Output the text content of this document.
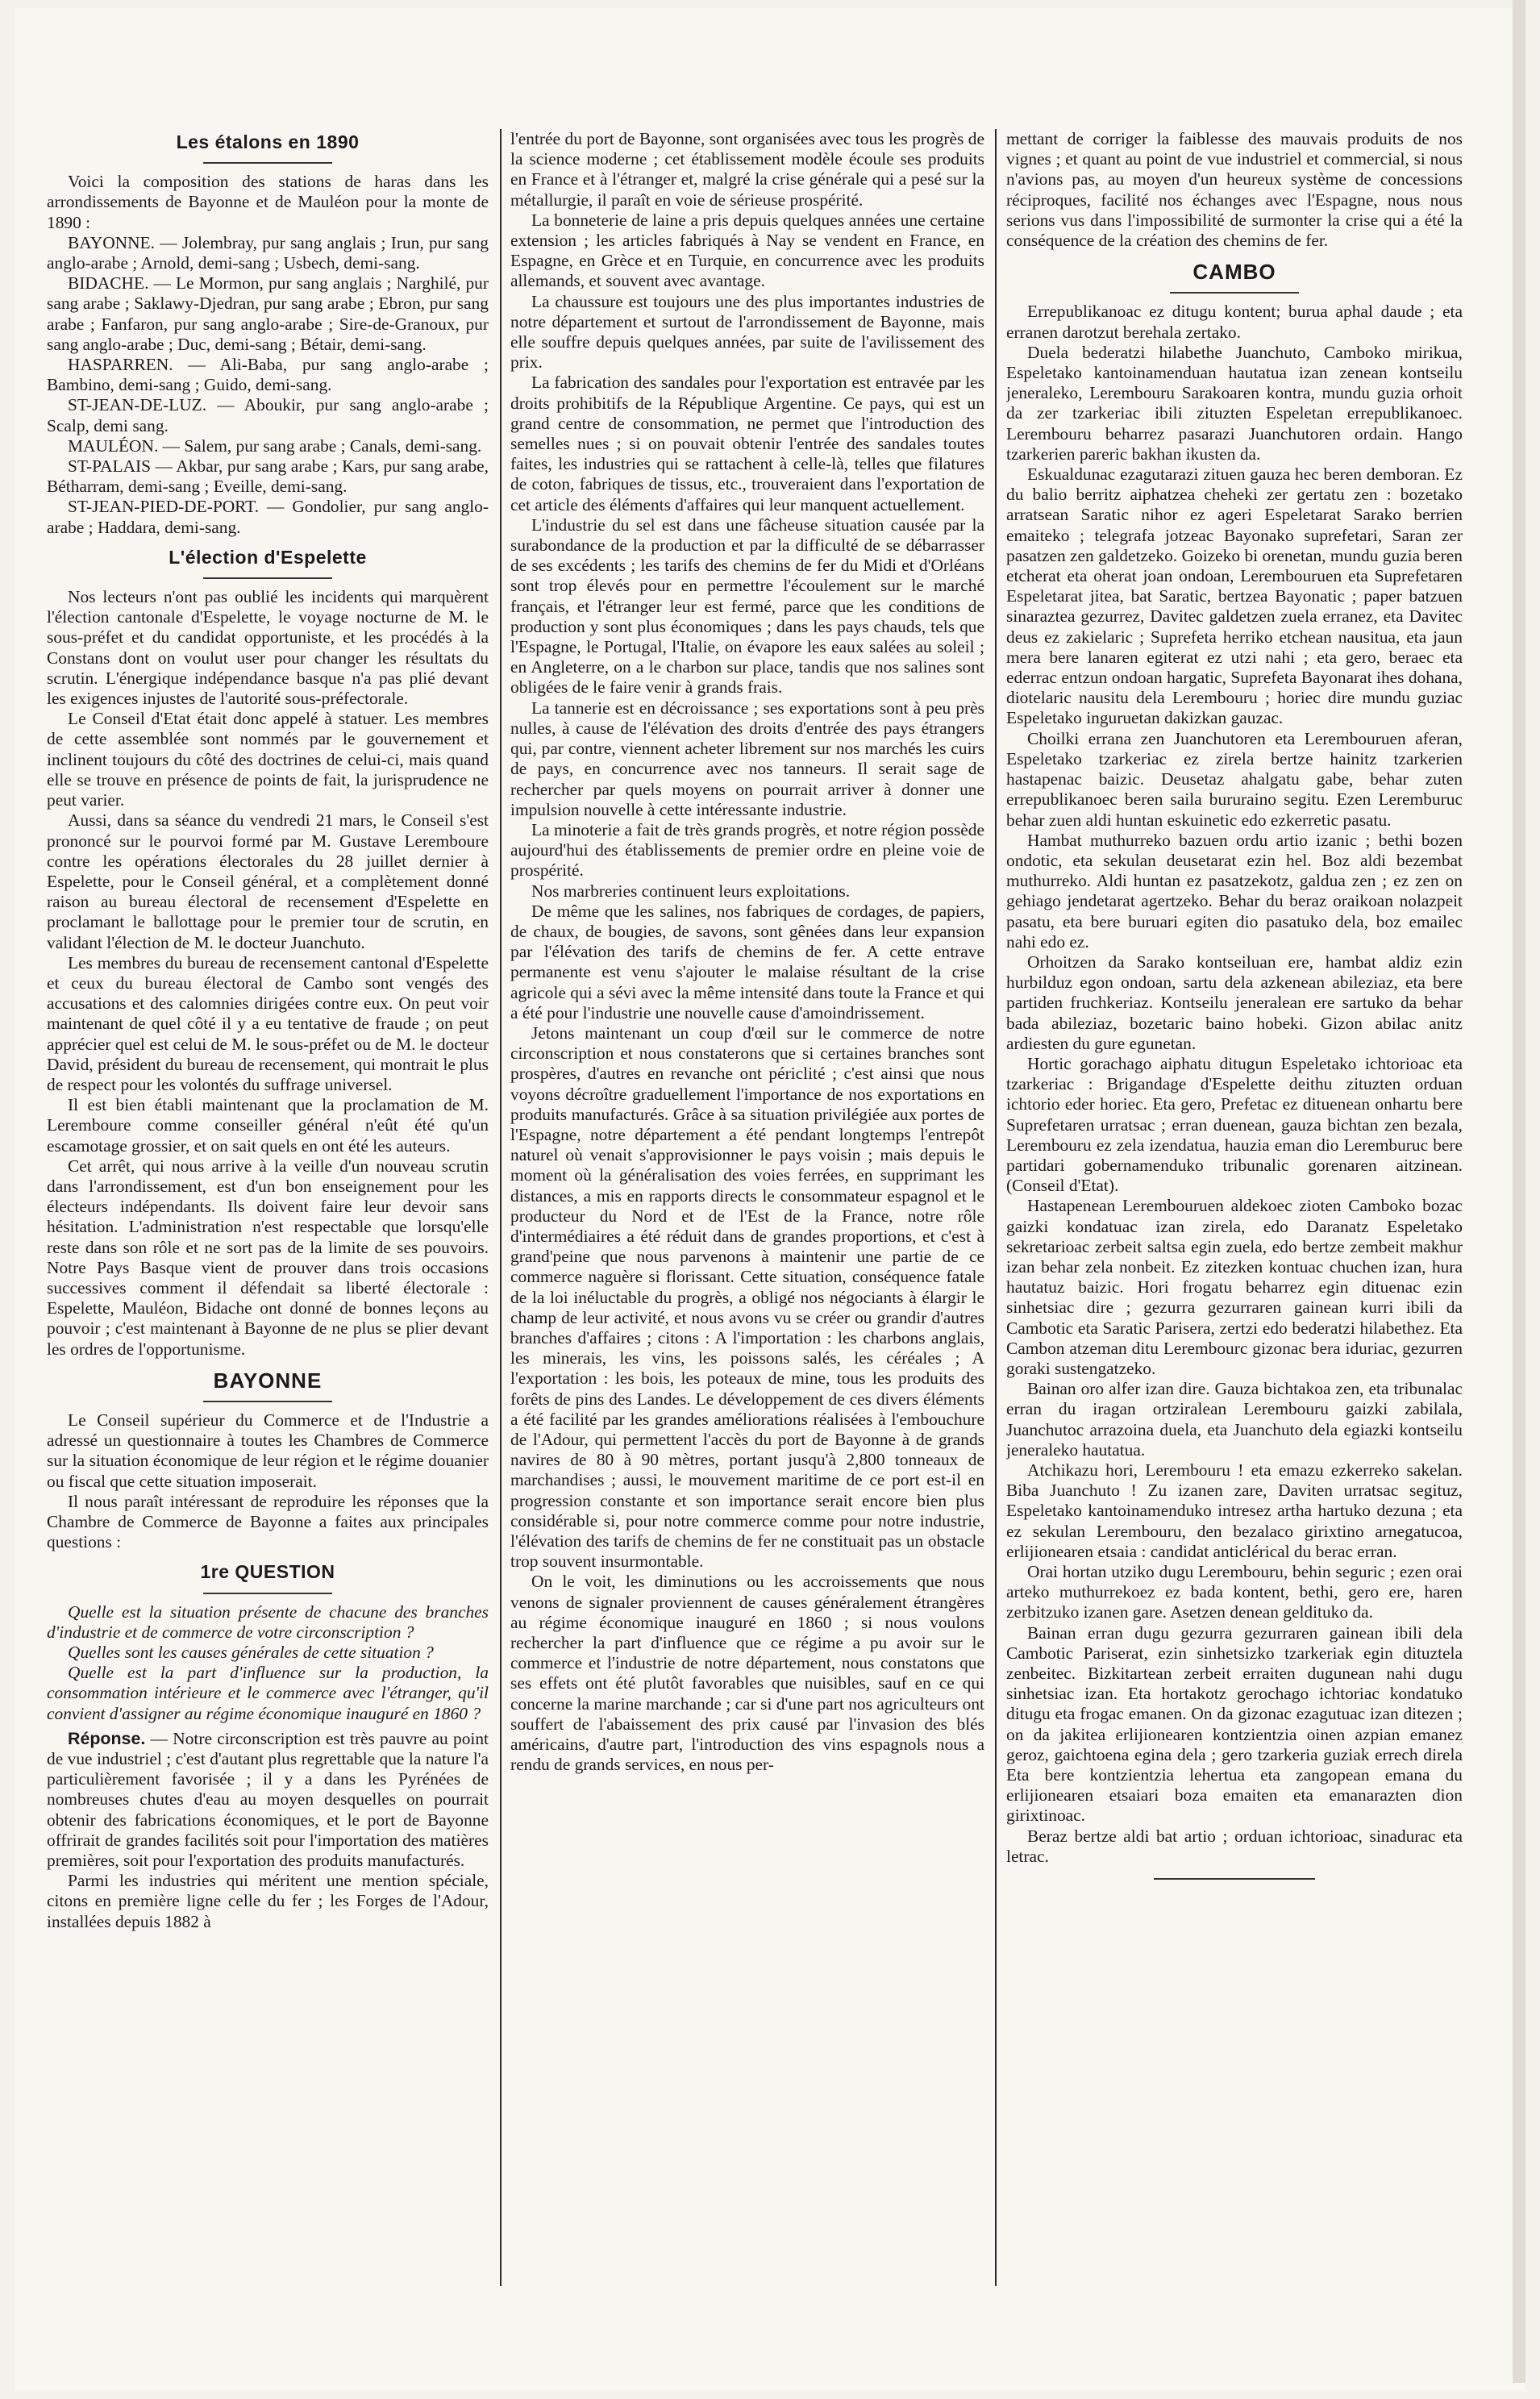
Les étalons en 1890

Voici la composition des stations de haras dans les arrondissements de Bayonne et de Mauléon pour la monte de 1890 :

BAYONNE. — Jolembray, pur sang anglais ; Irun, pur sang anglo-arabe ; Arnold, demi-sang ; Usbech, demi-sang.

BIDACHE. — Le Mormon, pur sang anglais ; Narghilé, pur sang arabe ; Saklawy-Djedran, pur sang arabe ; Ebron, pur sang arabe ; Fanfaron, pur sang anglo-arabe ; Sire-de-Granoux, pur sang anglo-arabe ; Duc, demi-sang ; Bétair, demi-sang.

HASPARREN. — Ali-Baba, pur sang anglo-arabe ; Bambino, demi-sang ; Guido, demi-sang.

ST-JEAN-DE-LUZ. — Aboukir, pur sang anglo-arabe ; Scalp, demi sang.

MAULÉON. — Salem, pur sang arabe ; Canals, demi-sang.

ST-PALAIS — Akbar, pur sang arabe ; Kars, pur sang arabe, Bétharram, demi-sang ; Eveille, demi-sang.

ST-JEAN-PIED-DE-PORT. — Gondolier, pur sang anglo-arabe ; Haddara, demi-sang.

L'élection d'Espelette

Nos lecteurs n'ont pas oublié les incidents qui marquèrent l'élection cantonale d'Espelette, le voyage nocturne de M. le sous-préfet et du candidat opportuniste, et les procédés à la Constans dont on voulut user pour changer les résultats du scrutin. L'énergique indépendance basque n'a pas plié devant les exigences injustes de l'autorité sous-préfectorale.

Le Conseil d'Etat était donc appelé à statuer. Les membres de cette assemblée sont nommés par le gouvernement et inclinent toujours du côté des doctrines de celui-ci, mais quand elle se trouve en présence de points de fait, la jurisprudence ne peut varier.

Aussi, dans sa séance du vendredi 21 mars, le Conseil s'est prononcé sur le pourvoi formé par M. Gustave Lerembourе contre les opérations électorales du 28 juillet dernier à Espelette, pour le Conseil général, et a complètement donné raison au bureau électoral de recensement d'Espelette en proclamant le ballottage pour le premier tour de scrutin, en validant l'élection de M. le docteur Juanchuto.

Les membres du bureau de recensement cantonal d'Espelette et ceux du bureau électoral de Cambo sont vengés des accusations et des calomnies dirigées contre eux. On peut voir maintenant de quel côté il y a eu tentative de fraude ; on peut apprécier quel est celui de M. le sous-préfet ou de M. le docteur David, président du bureau de recensement, qui montrait le plus de respect pour les volontés du suffrage universel.

Il est bien établi maintenant que la proclamation de M. Lerembourе comme conseiller général n'eût été qu'un escamotage grossier, et on sait quels en ont été les auteurs.

Cet arrêt, qui nous arrive à la veille d'un nouveau scrutin dans l'arrondissement, est d'un bon enseignement pour les électeurs indépendants. Ils doivent faire leur devoir sans hésitation. L'administration n'est respectable que lorsqu'elle reste dans son rôle et ne sort pas de la limite de ses pouvoirs. Notre Pays Basque vient de prouver dans trois occasions successives comment il défendait sa liberté électorale : Espelette, Mauléon, Bidache ont donné de bonnes leçons au pouvoir ; c'est maintenant à Bayonne de ne plus se plier devant les ordres de l'opportunisme.

BAYONNE

Le Conseil supérieur du Commerce et de l'Industrie a adressé un questionnaire à toutes les Chambres de Commerce sur la situation économique de leur région et le régime douanier ou fiscal que cette situation imposerait.

Il nous paraît intéressant de reproduire les réponses que la Chambre de Commerce de Bayonne a faites aux principales questions :

1re QUESTION

Quelle est la situation présente de chacune des branches d'industrie et de commerce de votre circonscription ?

Quelles sont les causes générales de cette situation ?

Quelle est la part d'influence sur la production, la consommation intérieure et le commerce avec l'étranger, qu'il convient d'assigner au régime économique inauguré en 1860 ?

Réponse. — Notre circonscription est très pauvre au point de vue industriel ; c'est d'autant plus regrettable que la nature l'a particulièrement favorisée ; il y a dans les Pyrénées de nombreuses chutes d'eau au moyen desquelles on pourrait obtenir des fabrications économiques, et le port de Bayonne offrirait de grandes facilités soit pour l'importation des matières premières, soit pour l'exportation des produits manufacturés.

Parmi les industries qui méritent une mention spéciale, citons en première ligne celle du fer ; les Forges de l'Adour, installées depuis 1882 à

l'entrée du port de Bayonne, sont organisées avec tous les progrès de la science moderne ; cet établissement modèle écoule ses produits en France et à l'étranger et, malgré la crise générale qui a pesé sur la métallurgie, il paraît en voie de sérieuse prospérité.

La bonneterie de laine a pris depuis quelques années une certaine extension ; les articles fabriqués à Nay se vendent en France, en Espagne, en Grèce et en Turquie, en concurrence avec les produits allemands, et souvent avec avantage.

La chaussure est toujours une des plus importantes industries de notre département et surtout de l'arrondissement de Bayonne, mais elle souffre depuis quelques années, par suite de l'avilissement des prix.

La fabrication des sandales pour l'exportation est entravée par les droits prohibitifs de la République Argentine. Ce pays, qui est un grand centre de consommation, ne permet que l'introduction des semelles nues ; si on pouvait obtenir l'entrée des sandales toutes faites, les industries qui se rattachent à celle-là, telles que filatures de coton, fabriques de tissus, etc., trouveraient dans l'exportation de cet article des éléments d'affaires qui leur manquent actuellement.

L'industrie du sel est dans une fâcheuse situation causée par la surabondance de la production et par la difficulté de se débarrasser de ses excédents ; les tarifs des chemins de fer du Midi et d'Orléans sont trop élevés pour en permettre l'écoulement sur le marché français, et l'étranger leur est fermé, parce que les conditions de production y sont plus économiques ; dans les pays chauds, tels que l'Espagne, le Portugal, l'Italie, on évapore les eaux salées au soleil ; en Angleterre, on a le charbon sur place, tandis que nos salines sont obligées de le faire venir à grands frais.

La tannerie est en décroissance ; ses exportations sont à peu près nulles, à cause de l'élévation des droits d'entrée des pays étrangers qui, par contre, viennent acheter librement sur nos marchés les cuirs de pays, en concurrence avec nos tanneurs. Il serait sage de rechercher par quels moyens on pourrait arriver à donner une impulsion nouvelle à cette intéressante industrie.

La minoterie a fait de très grands progrès, et notre région possède aujourd'hui des établissements de premier ordre en pleine voie de prospérité.

Nos marbreries continuent leurs exploitations.

De même que les salines, nos fabriques de cordages, de papiers, de chaux, de bougies, de savons, sont gênées dans leur expansion par l'élévation des tarifs de chemins de fer. A cette entrave permanente est venu s'ajouter le malaise résultant de la crise agricole qui a sévi avec la même intensité dans toute la France et qui a été pour l'industrie une nouvelle cause d'amoindrissement.

Jetons maintenant un coup d'œil sur le commerce de notre circonscription et nous constaterons que si certaines branches sont prospères, d'autres en revanche ont périclité ; c'est ainsi que nous voyons décroître graduellement l'importance de nos exportations en produits manufacturés. Grâce à sa situation privilégiée aux portes de l'Espagne, notre département a été pendant longtemps l'entrepôt naturel où venait s'approvisionner le pays voisin ; mais depuis le moment où la généralisation des voies ferrées, en supprimant les distances, a mis en rapports directs le consommateur espagnol et le producteur du Nord et de l'Est de la France, notre rôle d'intermédiaires a été réduit dans de grandes proportions, et c'est à grand'peine que nous parvenons à maintenir une partie de ce commerce naguère si florissant. Cette situation, conséquence fatale de la loi inéluctable du progrès, a obligé nos négociants à élargir le champ de leur activité, et nous avons vu se créer ou grandir d'autres branches d'affaires ; citons : A l'importation : les charbons anglais, les minerais, les vins, les poissons salés, les céréales ; A l'exportation : les bois, les poteaux de mine, tous les produits des forêts de pins des Landes. Le développement de ces divers éléments a été facilité par les grandes améliorations réalisées à l'embouchure de l'Adour, qui permettent l'accès du port de Bayonne à de grands navires de 80 à 90 mètres, portant jusqu'à 2,800 tonneaux de marchandises ; aussi, le mouvement maritime de ce port est-il en progression constante et son importance serait encore bien plus considérable si, pour notre commerce comme pour notre industrie, l'élévation des tarifs de chemins de fer ne constituait pas un obstacle trop souvent insurmontable.

On le voit, les diminutions ou les accroissements que nous venons de signaler proviennent de causes généralement étrangères au régime économique inauguré en 1860 ; si nous voulons rechercher la part d'influence que ce régime a pu avoir sur le commerce et l'industrie de notre département, nous constatons que ses effets ont été plutôt favorables que nuisibles, sauf en ce qui concerne la marine marchande ; car si d'une part nos agriculteurs ont souffert de l'abaissement des prix causé par l'invasion des blés américains, d'autre part, l'introduction des vins espagnols nous a rendu de grands services, en nous per-

mettant de corriger la faiblesse des mauvais produits de nos vignes ; et quant au point de vue industriel et commercial, si nous n'avions pas, au moyen d'un heureux système de concessions réciproques, facilité nos échanges avec l'Espagne, nous nous serions vus dans l'impossibilité de surmonter la crise qui a été la conséquence de la création des chemins de fer.

CAMBO

Errepublikanoac ez ditugu kontent; burua aphal daude ; eta erranen darotzut berehala zertako.

Duela bederatzi hilabethe Juanchuto, Camboko mirikua, Espeletako kantoinamenduan hautatua izan zenean kontseilu jeneraleko, Lerembouru Sarakoaren kontra, mundu guzia orhoit da zer tzarkeriac ibili zituzten Espeletan errepublikanoec. Lerembouru beharrez pasarazi Juanchutoren ordain. Hango tzarkerien pareric bakhan ikusten da.

Eskualdunac ezagutarazi zituen gauza hec beren demboran. Ez du balio berritz aiphatzea cheheki zer gertatu zen : bozetako arratsean Saratic nihor ez ageri Espeletarat Sarako berrien emaiteko ; telegrafa jotzeac Bayonako suprefetari, Saran zer pasatzen zen galdetzeko. Goizeko bi orenetan, mundu guzia beren etcherat eta oherat joan ondoan, Lerembouruen eta Suprefetaren Espeletarat jitea, bat Saratic, bertzea Bayonatic ; paper batzuen sinaraztea gezurrez, Davitec galdetzen zuela erranez, eta Davitec deus ez zakielaric ; Suprefeta herriko etchean nausitua, eta jaun mera bere lanaren egiterat ez utzi nahi ; eta gero, beraec eta ederrac entzun ondoan hargatic, Suprefeta Bayonarat ihes dohana, diotelaric nausitu dela Lerembouru ; horiec dire mundu guziac Espeletako inguruetan dakizkan gauzac.

Choilki errana zen Juanchutoren eta Lerembouruen aferan, Espeletako tzarkeriac ez zirela bertze hainitz tzarkerien hastapenac baizic. Deusetaz ahalgatu gabe, behar zuten errepublikanoec beren saila bururaino segitu. Ezen Leremburuc behar zuen aldi huntan eskuinetic edo ezkerretic pasatu.

Hambat muthurreko bazuen ordu artio izanic ; bethi bozen ondotic, eta sekulan deusetarat ezin hel. Boz aldi bezembat muthurreko. Aldi huntan ez pasatzekotz, galdua zen ; ez zen on gehiago jendetarat agertzeko. Behar du beraz oraikoan nolazpeit pasatu, eta bere buruari egiten dio pasatuko dela, boz emailec nahi edo ez.

Orhoitzen da Sarako kontseiluan ere, hambat aldiz ezin hurbilduz egon ondoan, sartu dela azkenean abileziaz, eta bere partiden fruchkeriaz. Kontseilu jeneralean ere sartuko da behar bada abileziaz, bozetaric baino hobeki. Gizon abilac anitz ardiesten du gure egunetan.

Hortic gorachago aiphatu ditugun Espeletako ichtorioac eta tzarkeriac : Brigandage d'Espelette deithu zituzten orduan ichtorio eder horiec. Eta gero, Prefetac ez dituenean onhartu bere Suprefetaren urratsac ; erran duenean, gauza bichtan zen bezala, Lerembouru ez zela izendatua, hauzia eman dio Leremburuc bere partidari gobernamenduko tribunalic gorenaren aitzinean. (Conseil d'Etat).

Hastapenean Lerembouruen aldekoec zioten Camboko bozac gaizki kondatuac izan zirela, edo Daranatz Espeletako sekretarioac zerbeit saltsa egin zuela, edo bertze zembeit makhur izan behar zela nonbeit. Ez zitezken kontuac chuchen izan, hura hautatuz baizic. Hori frogatu beharrez egin dituenac ezin sinhetsiac dire ; gezurra gezurraren gainean kurri ibili da Cambotic eta Saratic Parisera, zertzi edo bederatzi hilabethez. Eta Cambon atzeman ditu Lerembourc gizonac bera iduriac, gezurren goraki sustengatzeko.

Bainan oro alfer izan dire. Gauza bichtakoa zen, eta tribunalac erran du iragan ortziralean Lerembouru gaizki zabilala, Juanchutoc arrazoina duela, eta Juanchuto dela egiazki kontseilu jeneraleko hautatua.

Atchikazu hori, Lerembouru ! eta emazu ezkerreko sakelan. Biba Juanchuto ! Zu izanen zare, Daviten urratsac segituz, Espeletako kantoinamenduko intresez artha hartuko dezuna ; eta ez sekulan Lerembouru, den bezalaco girixtino arnegatucoa, erlijionearen etsaia : candidat anticlérical du berac erran.

Orai hortan utziko dugu Lerembouru, behin seguric ; ezen orai arteko muthurrekoez ez bada kontent, bethi, gero ere, haren zerbitzuko izanen gare. Asetzen denean geldituko da.

Bainan erran dugu gezurra gezurraren gainean ibili dela Cambotic Pariserat, ezin sinhetsizko tzarkeriak egin dituztela zenbeitec. Bizkitartean zerbeit erraiten dugunean nahi dugu sinhetsiac izan. Eta hortakotz gerochago ichtoriac kondatuko ditugu eta frogac emanen. On da gizonac ezagutuac izan ditezen ; on da jakitea erlijionearen kontzientzia oinen azpian emanez geroz, gaichtoena egina dela ; gero tzarkeria guziak errech direla Eta bere kontzientzia lehertua eta zangopean emana du erlijionearen etsaiari boza emaiten eta emanarazten dion girixtinoac.

Beraz bertze aldi bat artio ; orduan ichtorioac, sinadurac eta letrac.
